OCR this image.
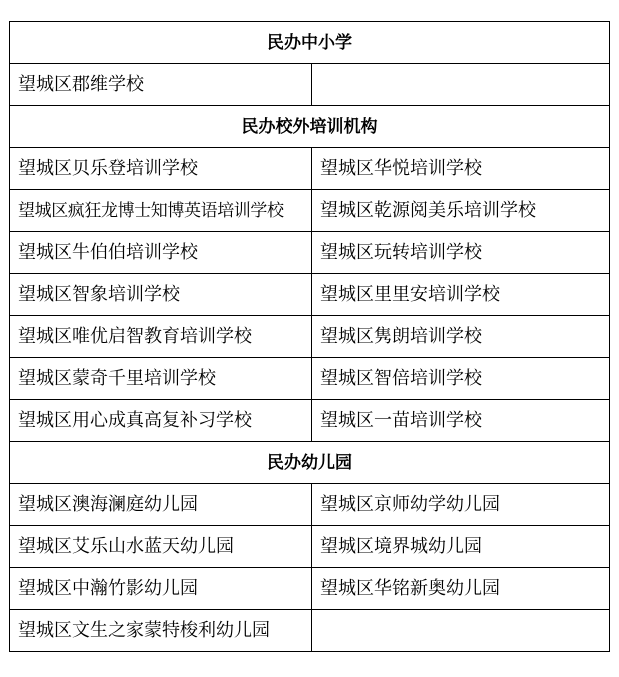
民办中小学	
望城区郡维学校	
民办校外培训机构	
望城区贝乐登培训学校	望城区华悦培训学校
望城区疯狂龙博士知博英语培训学校	望城区乾源阅美乐培训学校
望城区牛伯伯培训学校	望城区玩转培训学校
望城区智象培训学校	望城区里里安培训学校
望城区唯优启智教育培训学校	望城区隽朗培训学校
望城区蒙奇千里培训学校	望城区智倍培训学校
望城区用心成真高复补习学校	望城区一苗培训学校
民办幼儿园	
望城区澳海澜庭幼儿园	望城区京师幼学幼儿园
望城区艾乐山水蓝天幼儿园	望城区境界城幼儿园
望城区中瀚竹影幼儿园	望城区华铭新奥幼儿园
望城区文生之家蒙特梭利幼儿园	
